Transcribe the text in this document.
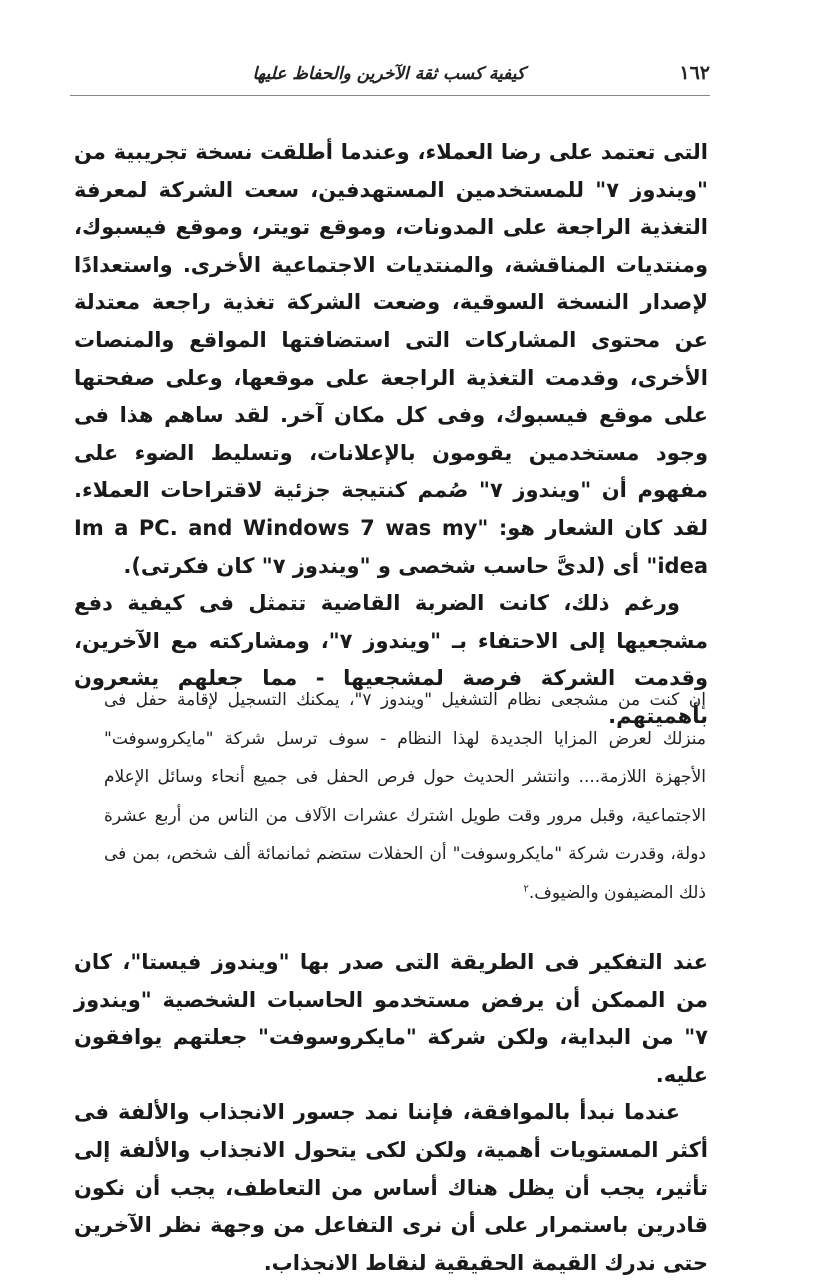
١٦٢
كيفية كسب ثقة الآخرين والحفاظ عليها

التى تعتمد على رضا العملاء، وعندما أطلقت نسخة تجريبية من "ويندوز ٧" للمستخدمين المستهدفين، سعت الشركة لمعرفة التغذية الراجعة على المدونات، وموقع تويتر، وموقع فيسبوك، ومنتديات المناقشة، والمنتديات الاجتماعية الأخرى. واستعدادًا لإصدار النسخة السوقية، وضعت الشركة تغذية راجعة معتدلة عن محتوى المشاركات التى استضافتها المواقع والمنصات الأخرى، وقدمت التغذية الراجعة على موقعها، وعلى صفحتها على موقع فيسبوك، وفى كل مكان آخر. لقد ساهم هذا فى وجود مستخدمين يقومون بالإعلانات، وتسليط الضوء على مفهوم أن "ويندوز ٧" صُمم كنتيجة جزئية لاقتراحات العملاء. لقد كان الشعار هو: "Im a PC. and Windows 7 was my idea" أى (لدىَّ حاسب شخصى و "ويندوز ٧" كان فكرتى).

ورغم ذلك، كانت الضربة القاضية تتمثل فى كيفية دفع مشجعيها إلى الاحتفاء بـ "ويندوز ٧"، ومشاركته مع الآخرين، وقدمت الشركة فرصة لمشجعيها - مما جعلهم يشعرون بأهميتهم.

إن كنت من مشجعى نظام التشغيل "ويندوز ٧"، يمكنك التسجيل لإقامة حفل فى منزلك لعرض المزايا الجديدة لهذا النظام - سوف ترسل شركة "مايكروسوفت" الأجهزة اللازمة.... وانتشر الحديث حول فرص الحفل فى جميع أنحاء وسائل الإعلام الاجتماعية، وقبل مرور وقت طويل اشترك عشرات الآلاف من الناس من أربع عشرة دولة، وقدرت شركة "مايكروسوفت" أن الحفلات ستضم ثمانمائة ألف شخص، بمن فى ذلك المضيفون والضيوف.$^٢$

عند التفكير فى الطريقة التى صدر بها "ويندوز فيستا"، كان من الممكن أن يرفض مستخدمو الحاسبات الشخصية "ويندوز ٧" من البداية، ولكن شركة "مايكروسوفت" جعلتهم يوافقون عليه.

عندما نبدأ بالموافقة، فإننا نمد جسور الانجذاب والألفة فى أكثر المستويات أهمية، ولكن لكى يتحول الانجذاب والألفة إلى تأثير، يجب أن يظل هناك أساس من التعاطف، يجب أن نكون قادرين باستمرار على أن نرى التفاعل من وجهة نظر الآخرين حتى ندرك القيمة الحقيقية لنقاط الانجذاب.
